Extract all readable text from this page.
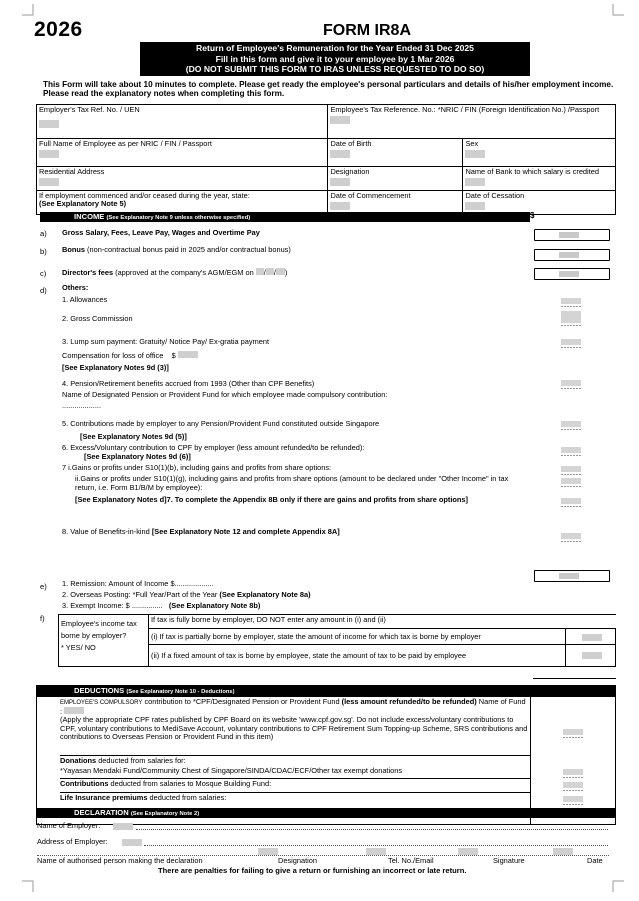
2026	FORM IR8A
Return of Employee's Remuneration for the Year Ended 31 Dec 2025
Fill in this form and give it to your employee by 1 Mar 2026
(DO NOT SUBMIT THIS FORM TO IRAS UNLESS REQUESTED TO DO SO)
This Form will take about 10 minutes to complete. Please get ready the employee's personal particulars and details of his/her employment income. Please read the explanatory notes when completing this form.
Employer's Tax Ref. No. / UEN	Employee's Tax Reference. No.: *NRIC / FIN (Foreign Identification No.) /Passport	

Full Name of Employee as per NRIC / FIN / Passport	Date of Birth	Sex

Residential Address	Designation	Name of Bank to which salary is credited

If employment commenced and/or ceased during the year, state:
(See Explanatory Note 5)	Date of Commencement	Date of Cessation
INCOME (See Explanatory Note 9 unless otherwise specified)	$
a) Gross Salary, Fees, Leave Pay, Wages and Overtime Pay
b) Bonus (non-contractual bonus paid in 2025 and/or contractual bonus)
c) Director's fees (approved at the company's AGM/EGM on / / )
d) Others:
1. Allowances
2. Gross Commission
3. Lump sum payment: Gratuity/ Notice Pay/ Ex-gratia payment
Compensation for loss of office $
[See Explanatory Notes 9d (3)]
4. Pension/Retirement benefits accrued from 1993 (Other than CPF Benefits)
Name of Designated Pension or Provident Fund for which employee made compulsory contribution:
...................
5. Contributions made by employer to any Pension/Provident Fund constituted outside Singapore
[See Explanatory Notes 9d (5)]
6. Excess/Voluntary contribution to CPF by employer (less amount refunded/to be refunded):
[See Explanatory Notes 9d (6)]
7 i.Gains or profits under S10(1)(b), including gains and profits from share options:
ii.Gains or profits under S10(1)(g), including gains and profits from share options (amount to be declared under "Other Income" in tax return, i.e. Form B1/B/M by employee):
[See Explanatory Notes d]7. To complete the Appendix 8B only if there are gains and profits from share options]
8. Value of Benefits-in-kind [See Explanatory Note 12 and complete Appendix 8A]
e) 1. Remission: Amount of Income $...................
2. Overseas Posting: *Full Year/Part of the Year (See Explanatory Note 8a)
3. Exempt Income: $ ............... (See Explanatory Note 8b)
f)
Employee's income tax borne by employer?
* YES/ NO	If tax is fully borne by employer, DO NOT enter any amount in (i) and (ii)	
	(i) If tax is partially borne by employer, state the amount of income for which tax is borne by employer	
	(ii) If a fixed amount of tax is borne by employee, state the amount of tax to be paid by employee	
DEDUCTIONS (See Explanatory Note 10 - Deductions)
EMPLOYEE'S COMPULSORY contribution to *CPF/Designated Pension or Provident Fund (less amount refunded/to be refunded) Name of Fund :
(Apply the appropriate CPF rates published by CPF Board on its website 'www.cpf.gov.sg'. Do not include excess/voluntary contributions to CPF, voluntary contributions to MediSave Account, voluntary contributions to CPF Retirement Sum Topping-up Scheme, SRS contributions and contributions to Overseas Pension or Provident Fund in this item)
Donations deducted from salaries for:
*Yayasan Mendaki Fund/Community Chest of Singapore/SINDA/CDAC/ECF/Other tax exempt donations
Contributions deducted from salaries to Mosque Building Fund:
Life Insurance premiums deducted from salaries:
DECLARATION (See Explanatory Note 2)
Name of Employer:
Address of Employer:
Name of authorised person making the declaration	Designation	Tel. No./Email	Signature	Date
There are penalties for failing to give a return or furnishing an incorrect or late return.
